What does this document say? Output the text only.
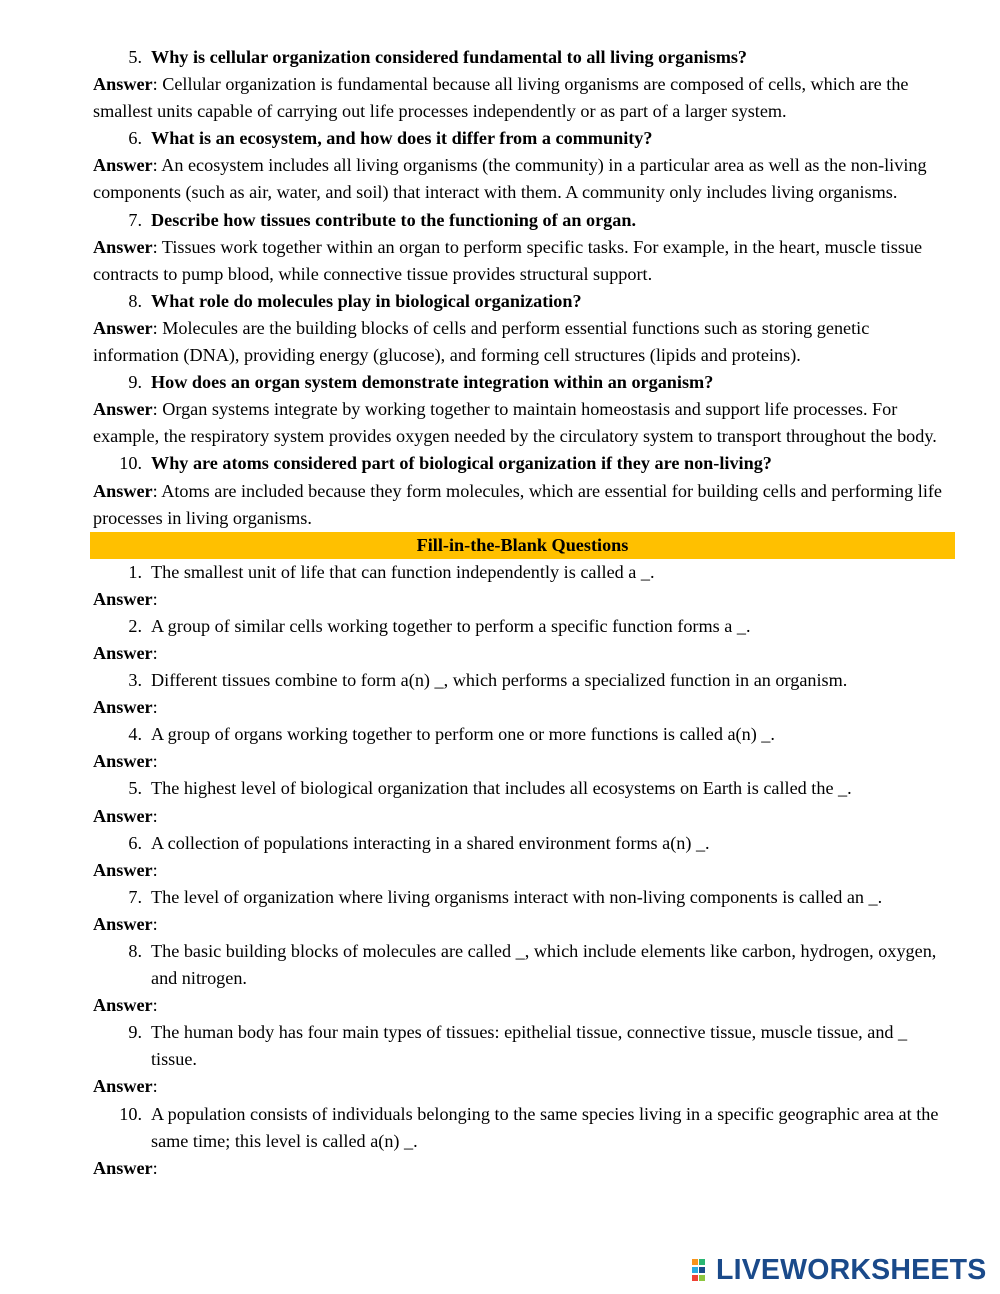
5. Why is cellular organization considered fundamental to all living organisms?
Answer: Cellular organization is fundamental because all living organisms are composed of cells, which are the smallest units capable of carrying out life processes independently or as part of a larger system.
6. What is an ecosystem, and how does it differ from a community?
Answer: An ecosystem includes all living organisms (the community) in a particular area as well as the non-living components (such as air, water, and soil) that interact with them. A community only includes living organisms.
7. Describe how tissues contribute to the functioning of an organ.
Answer: Tissues work together within an organ to perform specific tasks. For example, in the heart, muscle tissue contracts to pump blood, while connective tissue provides structural support.
8. What role do molecules play in biological organization?
Answer: Molecules are the building blocks of cells and perform essential functions such as storing genetic information (DNA), providing energy (glucose), and forming cell structures (lipids and proteins).
9. How does an organ system demonstrate integration within an organism?
Answer: Organ systems integrate by working together to maintain homeostasis and support life processes. For example, the respiratory system provides oxygen needed by the circulatory system to transport throughout the body.
10. Why are atoms considered part of biological organization if they are non-living?
Answer: Atoms are included because they form molecules, which are essential for building cells and performing life processes in living organisms.
Fill-in-the-Blank Questions
1. The smallest unit of life that can function independently is called a _.
Answer:
2. A group of similar cells working together to perform a specific function forms a _.
Answer:
3. Different tissues combine to form a(n) _, which performs a specialized function in an organism.
Answer:
4. A group of organs working together to perform one or more functions is called a(n) _.
Answer:
5. The highest level of biological organization that includes all ecosystems on Earth is called the _.
Answer:
6. A collection of populations interacting in a shared environment forms a(n) _.
Answer:
7. The level of organization where living organisms interact with non-living components is called an _.
Answer:
8. The basic building blocks of molecules are called _, which include elements like carbon, hydrogen, oxygen, and nitrogen.
Answer:
9. The human body has four main types of tissues: epithelial tissue, connective tissue, muscle tissue, and _ tissue.
Answer:
10. A population consists of individuals belonging to the same species living in a specific geographic area at the same time; this level is called a(n) _.
Answer:
LIVEWORKSHEETS
